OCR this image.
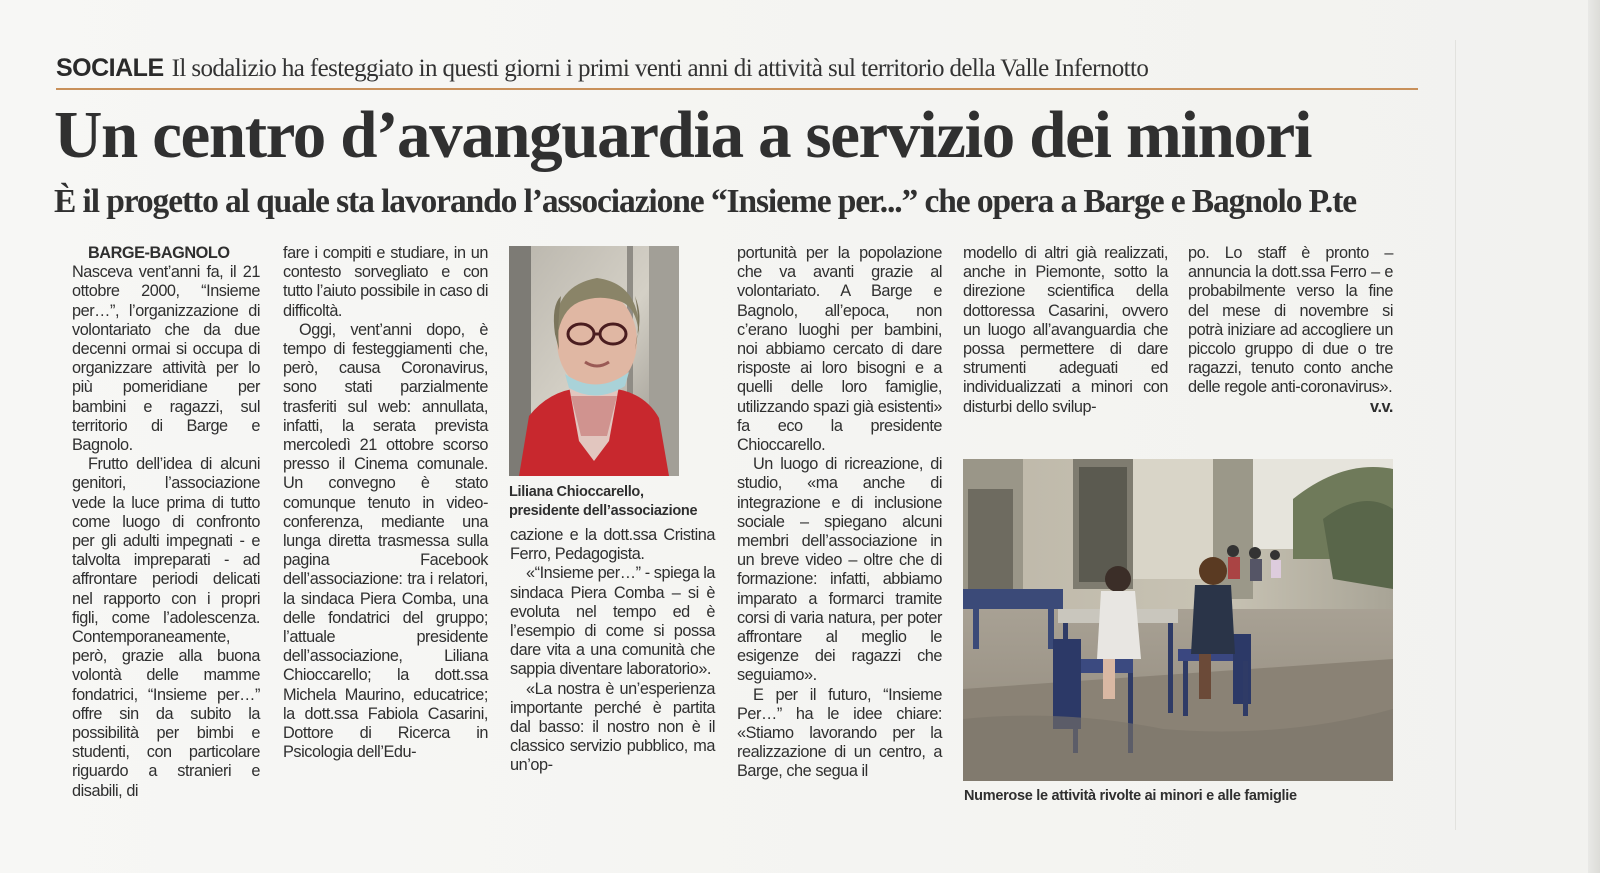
SOCIALE Il sodalizio ha festeggiato in questi giorni i primi venti anni di attività sul territorio della Valle Infernotto
Un centro d’avanguardia a servizio dei minori
È il progetto al quale sta lavorando l’associazione “Insieme per...” che opera a Barge e Bagnolo P.te

BARGE-BAGNOLO Nasceva vent’anni fa, il 21 ottobre 2000, “Insieme per…”, l’organizzazione di volontariato che da due decenni ormai si occupa di organizzare attività per lo più pomeridiane per bambini e ragazzi, sul territorio di Barge e Bagnolo.

Frutto dell’idea di alcuni genitori, l’associazione vede la luce prima di tutto come luogo di confronto per gli adulti impegnati - e talvolta impreparati - ad affrontare periodi delicati nel rapporto con i propri figli, come l’adolescenza. Contemporaneamente, però, grazie alla buona volontà delle mamme fondatrici, “Insieme per…” offre sin da subito la possibilità per bimbi e studenti, con particolare riguardo a stranieri e disabili, di

fare i compiti e studiare, in un contesto sorvegliato e con tutto l’aiuto possibile in caso di difficoltà.

Oggi, vent’anni dopo, è tempo di festeggiamenti che, però, causa Coronavirus, sono stati parzialmente trasferiti sul web: annullata, infatti, la serata prevista mercoledì 21 ottobre scorso presso il Cinema comunale. Un convegno è stato comunque tenuto in video-conferenza, mediante una lunga diretta trasmessa sulla pagina Facebook dell’associazione: tra i relatori, la sindaca Piera Comba, una delle fondatrici del gruppo; l’attuale presidente dell’associazione, Liliana Chioccarello; la dott.ssa Michela Maurino, educatrice; la dott.ssa Fabiola Casarini, Dottore di Ricerca in Psicologia dell’Edu-

Liliana Chioccarello,
presidente dell’associazione

cazione e la dott.ssa Cristina Ferro, Pedagogista.

«“Insieme per…” - spiega la sindaca Piera Comba – si è evoluta nel tempo ed è l’esempio di come si possa dare vita a una comunità che sappia diventare laboratorio».

«La nostra è un’esperienza importante perché è partita dal basso: il nostro non è il classico servizio pubblico, ma un’op-

portunità per la popolazione che va avanti grazie al volontariato. A Barge e Bagnolo, all’epoca, non c’erano luoghi per bambini, noi abbiamo cercato di dare risposte ai loro bisogni e a quelli delle loro famiglie, utilizzando spazi già esistenti» fa eco la presidente Chioccarello.

Un luogo di ricreazione, di studio, «ma anche di integrazione e di inclusione sociale – spiegano alcuni membri dell’associazione in un breve video – oltre che di formazione: infatti, abbiamo imparato a formarci tramite corsi di varia natura, per poter affrontare al meglio le esigenze dei ragazzi che seguiamo».

E per il futuro, “Insieme Per…” ha le idee chiare: «Stiamo lavorando per la realizzazione di un centro, a Barge, che segua il

modello di altri già realizzati, anche in Piemonte, sotto la direzione scientifica della dottoressa Casarini, ovvero un luogo all’avanguardia che possa permettere di dare strumenti adeguati ed individualizzati a minori con disturbi dello svilup-

po. Lo staff è pronto – annuncia la dott.ssa Ferro – e probabilmente verso la fine del mese di novembre si potrà iniziare ad accogliere un piccolo gruppo di due o tre ragazzi, tenuto conto anche delle regole anti-coronavirus».

v.v.

Numerose le attività rivolte ai minori e alle famiglie
